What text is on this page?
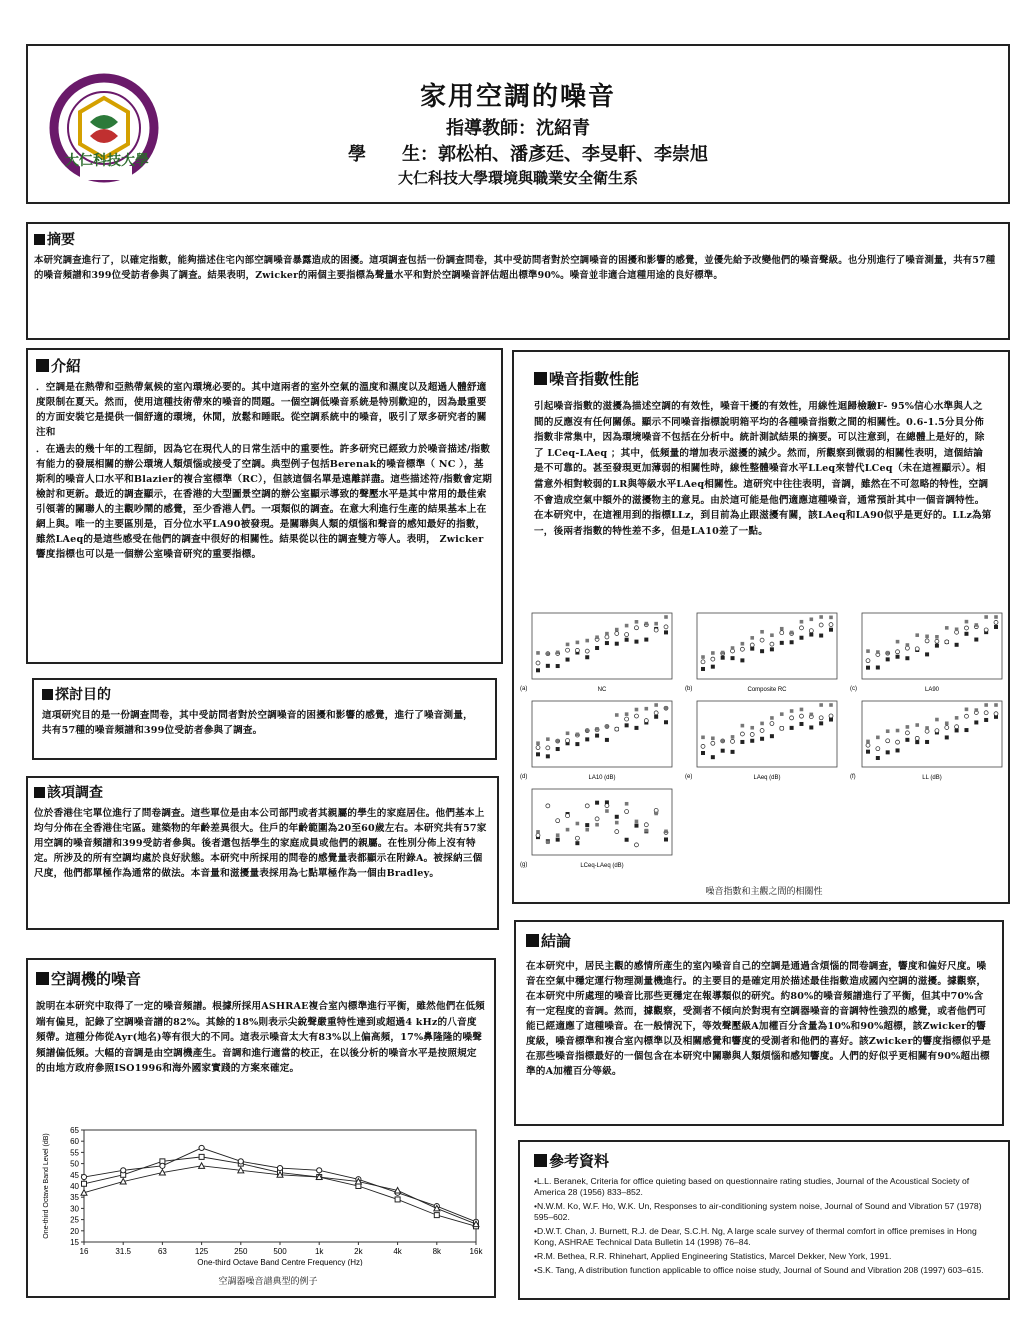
大仁科技大學
家用空調的噪音
指導教師：沈紹青
學　　生：郭松柏、潘彥廷、李旻軒、李崇旭
大仁科技大學環境與職業安全衛生系
摘要

本研究調查進行了，以確定指數，能夠描述住宅內部空調噪音暴露造成的困擾。這項調查包括一份調查問卷，其中受訪問者對於空調噪音的困擾和影響的感覺，並優先給予改變他們的噪音聲級。也分別進行了噪音測量，共有57種的噪音頻譜和399位受訪者參與了調查。結果表明，Zwicker的兩個主要指標為聲量水平和對於空調噪音評估超出標準90%。噪音並非適合這種用途的良好標準。

介紹

．空調是在熱帶和亞熱帶氣候的室內環境必要的。其中這兩者的室外空氣的溫度和濕度以及超過人體舒適度限制在夏天。然而，使用這種技術帶來的噪音的問題。一個空調低噪音系統是特別歡迎的，因為最重要的方面安裝它是提供一個舒適的環境，休閒，放鬆和睡眠。從空調系統中的噪音，吸引了眾多研究者的關注和

．在過去的幾十年的工程師，因為它在現代人的日常生活中的重要性。許多研究已經致力於噪音描述/指數有能力的發展相關的辦公環境人類煩惱或接受了空調。典型例子包括Berenak的噪音標準（ NC ），基斯利的噪音人口水平和Blazier的複合室標準（RC），但該這個名單是遠離詳盡。這些描述符/指數會定期檢討和更新。最近的調查顯示，在香港的大型圖景空調的辦公室顯示導致的聲壓水平是其中常用的最佳索引領著的關聯人的主觀吵鬧的感覺，至少香港人們。一項類似的調查。在意大利進行生產的結果基本上在網上與。唯一的主要區別是，百分位水平LA90被發現。是關聯與人類的煩惱和聲音的感知最好的指數，雖然LAeq的是這些感受在他們的調查中很好的相關性。結果從以往的調查雙方等人。表明， Zwicker響度指標也可以是一個辦公室噪音研究的重要指標。

探討目的

這項研究目的是一份調查問卷，其中受訪問者對於空調噪音的困擾和影響的感覺，進行了噪音測量，共有57種的噪音頻譜和399位受訪者參與了調查。

該項調查

位於香港住宅單位進行了問卷調查。這些單位是由本公司部門或者其親屬的學生的家庭居住。他們基本上均勻分佈在全香港住宅區。建築物的年齡差異很大。住戶的年齡範圍為20至60歲左右。本研究共有57家用空調的噪音頻譜和399受訪者參與。後者還包括學生的家庭成員或他們的親屬。在性別分佈上沒有特定。所涉及的所有空調均處於良好狀態。本研究中所採用的問卷的感覺量表都顯示在附錄A。被採納三個尺度，他們都單極作為通常的做法。本音量和滋擾量表採用為七點單極作為一個由Bradley。

空調機的噪音

說明在本研究中取得了一定的噪音頻譜。根據所採用ASHRAE複合室內標準進行平衡，雖然他們在低頻端有偏見，記錄了空調噪音譜的82%。其餘的18%則表示尖銳聲嚴重特性達到或超過4 kHz的八音度頻帶。這種分佈從Ayr(地名)等有很大的不同。這表示噪音太大有83%以上偏高頻，17%鼻隆隆的噪聲頻譜偏低頻。大幅的音調是由空調機產生。音調和進行適當的校正，在以後分析的噪音水平是按照規定的由地方政府參照ISO1996和海外國家實踐的方案來確定。

65
60
55
50
45
40
35
30
25
20
15
16	31.5	63	125	250	500	1k	2k	4k	8k	16k
One-third Octave Band Centre Frequency (Hz)
One-third Octave Band Level (dB)
空調器噪音譜典型的例子
噪音指數性能

引起噪音指數的滋擾為描述空調的有效性，噪音干擾的有效性，用線性迴歸檢驗F- 95%信心水準與人之間的反應沒有任何關係。顯示不同噪音指標說明箱平均的各種噪音指數之間的相關性。0.6-1.5分貝分佈指數非常集中，因為環境噪音不包括在分析中。統計測試結果的摘要。可以注意到，在總體上是好的，除了 LCeq-LAeq ；其中，低頻量的增加表示滋擾的減少。然而，所觀察到微弱的相關性表明，這個結論是不可靠的。甚至發現更加薄弱的相關性時，線性整體噪音水平LLeq來替代LCeq（未在這裡顯示）。相當意外相對較弱的LR與等級水平LAeq相關性。這研究中往往表明，音調，雖然在不可忽略的特性，空調不會造成空氣中額外的滋擾物主的意見。由於這可能是他們適應這種噪音，通常預計其中一個音調特性。在本研究中，在這裡用到的指標LLz，到目前為止跟滋擾有關，該LAeq和LA90似乎是更好的。LLz為第一，後兩者指數的特性差不多，但是LA10差了一點。

(a)	NC	(b)	Composite RC	(c)	LA90
(d)	LA10 (dB)	(e)	LAeq (dB)	(f)	LL (dB)
(g)	LCeq-LAeq (dB)
噪音指數和主觀之間的相關性
結論

在本研究中，居民主觀的感情所產生的室內噪音自己的空調是通過含煩惱的問卷調查，響度和偏好尺度。噪音在空氣中穩定運行物理測量機進行。的主要目的是確定用於描述最佳指數造成國內空調的滋擾。據觀察，在本研究中所處理的噪音比那些更穩定在報導類似的研究。約80%的噪音頻譜進行了平衡，但其中70%含有一定程度的音調。然而，據觀察，受測者不傾向於對現有空調器噪音的音調特性強烈的感覺，或者他們可能已經適應了這種噪音。在一般情況下，等效聲壓級A加權百分含量為10%和90%超標，該Zwicker的響度級，噪音標準和複合室內標準以及相關感覺和響度的受測者和他們的喜好。該Zwicker的響度指標似乎是在那些噪音指標最好的一個包含在本研究中關聯與人類煩惱和感知響度。人們的好似乎更相關有90%超出標準的A加權百分等級。

參考資料
•L.L. Beranek, Criteria for office quieting based on questionnaire rating studies, Journal of the Acoustical Society of America 28 (1956) 833–852.
•N.W.M. Ko, W.F. Ho, W.K. Un, Responses to air-conditioning system noise, Journal of Sound and Vibration 57 (1978) 595–602.
•D.W.T. Chan, J. Burnett, R.J. de Dear, S.C.H. Ng, A large scale survey of thermal comfort in office premises in Hong Kong, ASHRAE Technical Data Bulletin 14 (1998) 76–84.
•R.M. Bethea, R.R. Rhinehart, Applied Engineering Statistics, Marcel Dekker, New York, 1991.
•S.K. Tang, A distribution function applicable to office noise study, Journal of Sound and Vibration 208 (1997) 603–615.
